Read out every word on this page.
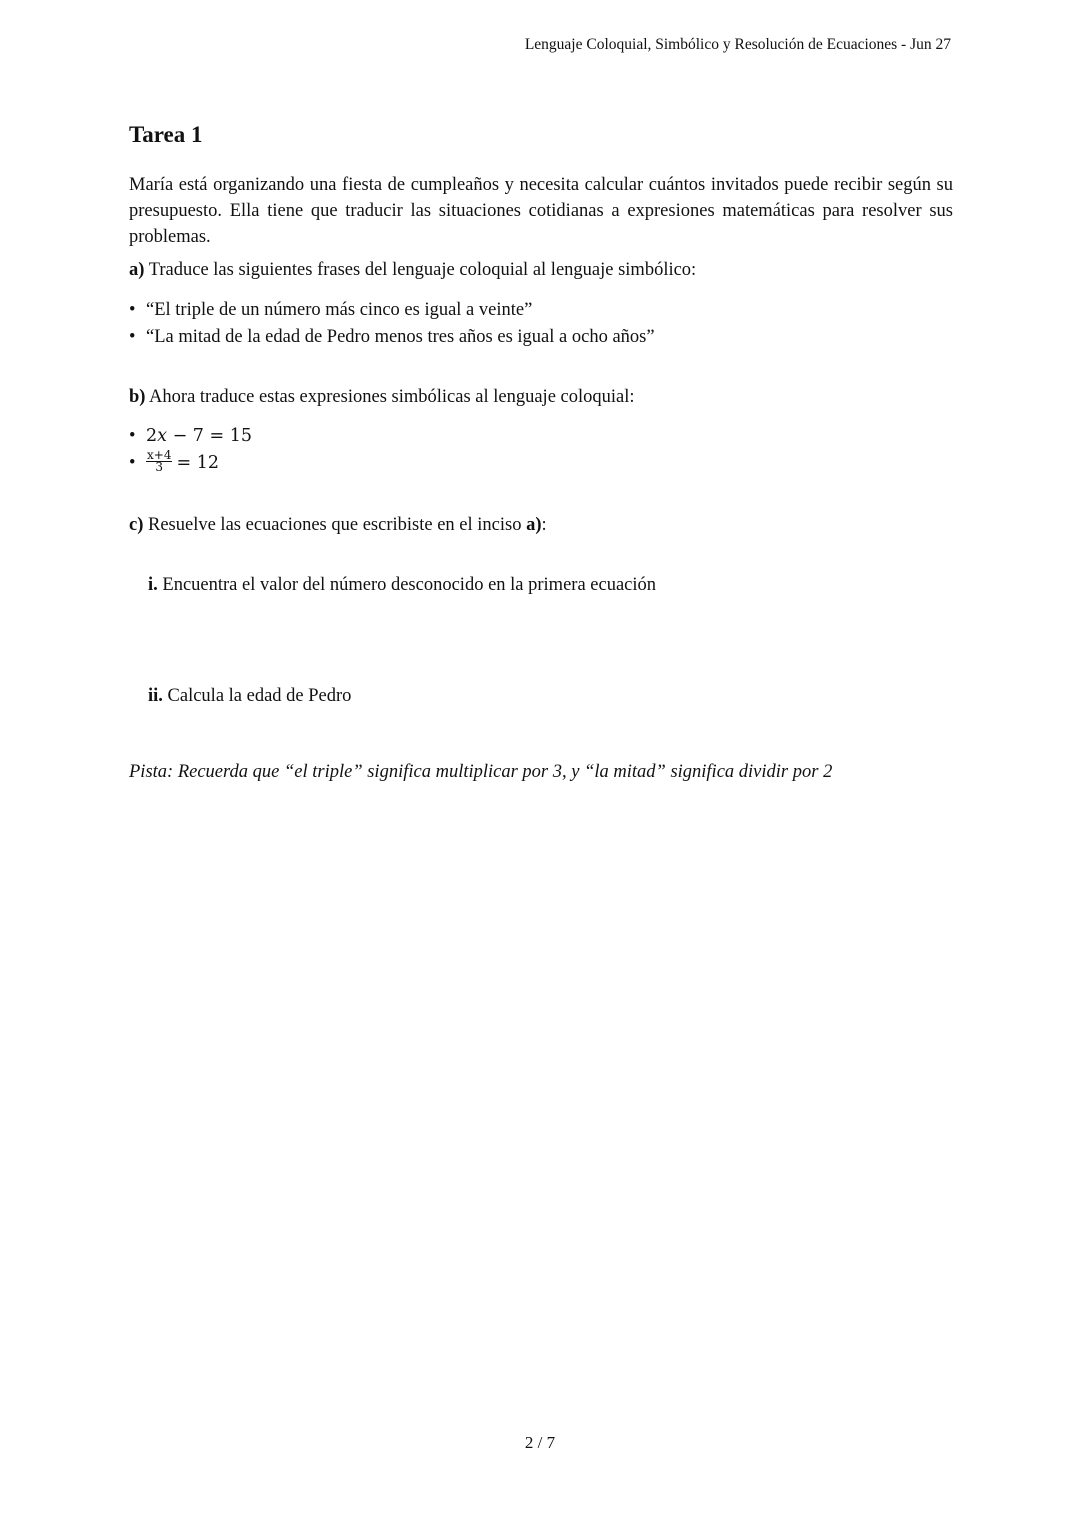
Lenguaje Coloquial, Simbólico y Resolución de Ecuaciones - Jun 27
Tarea 1

María está organizando una fiesta de cumpleaños y necesita calcular cuántos invitados puede recibir según su presupuesto. Ella tiene que traducir las situaciones cotidianas a expresiones matemáticas para resolver sus problemas.

a) Traduce las siguientes frases del lenguaje coloquial al lenguaje simbólico:

• “El triple de un número más cinco es igual a veinte”
• “La mitad de la edad de Pedro menos tres años es igual a ocho años”

b) Ahora traduce estas expresiones simbólicas al lenguaje coloquial:

• 2x − 7 = 15
• $\frac{x+4}{3} = 12$

c) Resuelve las ecuaciones que escribiste en el inciso a):

i. Encuentra el valor del número desconocido en la primera ecuación

ii. Calcula la edad de Pedro

Pista: Recuerda que “el triple” significa multiplicar por 3, y “la mitad” significa dividir por 2

2 / 7
